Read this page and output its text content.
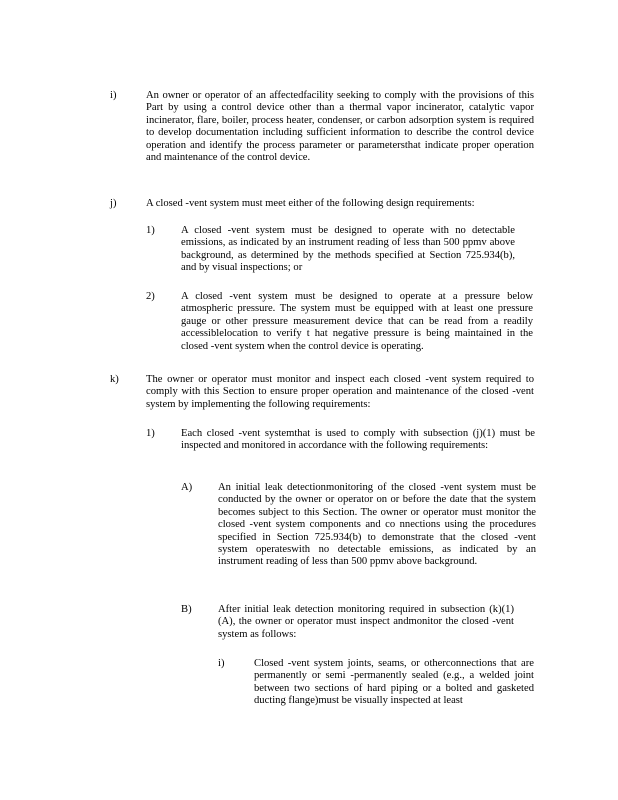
i)	An owner or operator of an affectedfacility seeking to comply with the provisions of this Part by using a control device other than a thermal vapor incinerator, catalytic vapor incinerator, flare, boiler, process heater, condenser, or carbon adsorption system is required to develop documentation including sufficient information to describe the control device operation and identify the process parameter or parametersthat indicate proper operation and maintenance of the control device.
j)	A closed -vent system must meet either of the following design requirements:
1) A closed -vent system must be designed to operate with no detectable emissions, as indicated by an instrument reading of less than 500 ppmv above background, as determined by the methods specified at Section 725.934(b), and by visual inspections; or
2) A closed -vent system must be designed to operate at a pressure below atmospheric pressure. The system must be equipped with at least one pressure gauge or other pressure measurement device that can be read from a readily accessiblelocation to verify t hat negative pressure is being maintained in the closed -vent system when the control device is operating.
k)	The owner or operator must monitor and inspect each closed -vent system required to comply with this Section to ensure proper operation and maintenance of the closed -vent system by implementing the following requirements:
1) Each closed -vent systemthat is used to comply with subsection (j)(1) must be inspected and monitored in accordance with the following requirements:
A) An initial leak detectionmonitoring of the closed -vent system must be conducted by the owner or operator on or before the date that the system becomes subject to this Section. The owner or operator must monitor the closed -vent system components and co nnections using the procedures specified in Section 725.934(b) to demonstrate that the closed -vent system operateswith no detectable emissions, as indicated by an instrument reading of less than 500 ppmv above background.
B) After initial leak detection monitoring required in subsection (k)(1)(A), the owner or operator must inspect andmonitor the closed -vent system as follows:
i)	Closed -vent system joints, seams, or otherconnections that are permanently or semi -permanently sealed (e.g., a welded joint between two sections of hard piping or a bolted and gasketed ducting flange)must be visually inspected at least
